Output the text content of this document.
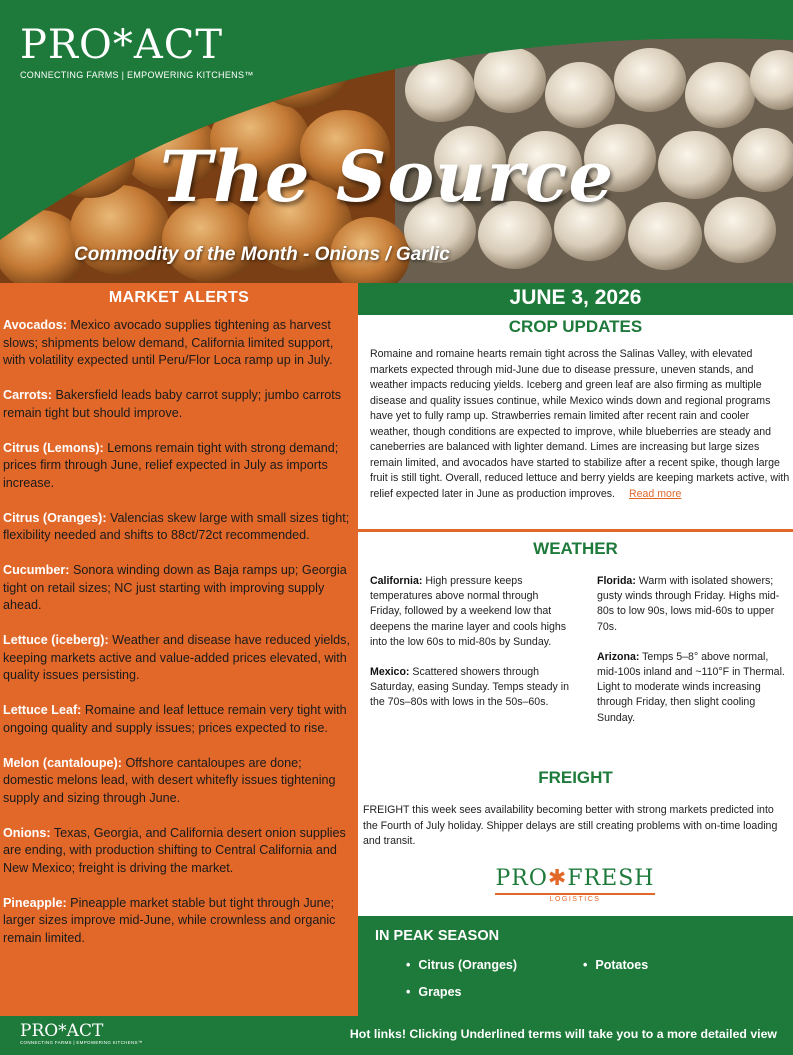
PRO*ACT
CONNECTING FARMS | EMPOWERING KITCHENS™
The Source
Commodity of the Month - Onions / Garlic
MARKET ALERTS
Avocados: Mexico avocado supplies tightening as harvest slows; shipments below demand, California limited support, with volatility expected until Peru/Flor Loca ramp up in July.
Carrots: Bakersfield leads baby carrot supply; jumbo carrots remain tight but should improve.
Citrus (Lemons): Lemons remain tight with strong demand; prices firm through June, relief expected in July as imports increase.
Citrus (Oranges): Valencias skew large with small sizes tight; flexibility needed and shifts to 88ct/72ct recommended.
Cucumber: Sonora winding down as Baja ramps up; Georgia tight on retail sizes; NC just starting with improving supply ahead.
Lettuce (iceberg): Weather and disease have reduced yields, keeping markets active and value-added prices elevated, with quality issues persisting.
Lettuce Leaf: Romaine and leaf lettuce remain very tight with ongoing quality and supply issues; prices expected to rise.
Melon (cantaloupe): Offshore cantaloupes are done; domestic melons lead, with desert whitefly issues tightening supply and sizing through June.
Onions: Texas, Georgia, and California desert onion supplies are ending, with production shifting to Central California and New Mexico; freight is driving the market.
Pineapple: Pineapple market stable but tight through June; larger sizes improve mid-June, while crownless and organic remain limited.
JUNE 3, 2026
CROP UPDATES
Romaine and romaine hearts remain tight across the Salinas Valley, with elevated markets expected through mid-June due to disease pressure, uneven stands, and weather impacts reducing yields. Iceberg and green leaf are also firming as multiple disease and quality issues continue, while Mexico winds down and regional programs have yet to fully ramp up. Strawberries remain limited after recent rain and cooler weather, though conditions are expected to improve, while blueberries are steady and caneberries are balanced with lighter demand. Limes are increasing but large sizes remain limited, and avocados have started to stabilize after a recent spike, though large fruit is still tight. Overall, reduced lettuce and berry yields are keeping markets active, with relief expected later in June as production improves. Read more
WEATHER

California: High pressure keeps temperatures above normal through Friday, followed by a weekend low that deepens the marine layer and cools highs into the low 60s to mid-80s by Sunday.

Mexico: Scattered showers through Saturday, easing Sunday. Temps steady in the 70s–80s with lows in the 50s–60s.

Florida: Warm with isolated showers; gusty winds through Friday. Highs mid-80s to low 90s, lows mid-60s to upper 70s.

Arizona: Temps 5–8° above normal, mid-100s inland and ~110°F in Thermal. Light to moderate winds increasing through Friday, then slight cooling Sunday.

FREIGHT
FREIGHT this week sees availability becoming better with strong markets predicted into the Fourth of July holiday. Shipper delays are still creating problems with on-time loading and transit.
PRO✱FRESH
LOGISTICS
IN PEAK SEASON
• Citrus (Oranges)
•	Potatoes
• Grapes
PRO*ACT
CONNECTING FARMS | EMPOWERING KITCHENS™
Hot links! Clicking Underlined terms will take you to a more detailed view
